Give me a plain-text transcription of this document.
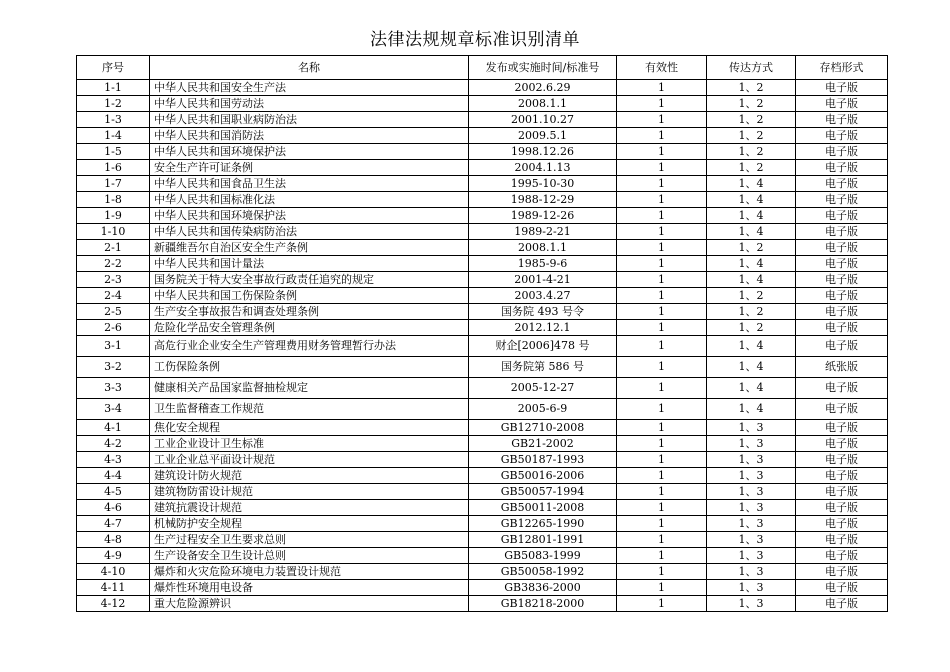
法律法规规章标准识别清单
序号	名称	发布或实施时间/标准号	有效性	传达方式	存档形式
1-1	中华人民共和国安全生产法	2002.6.29	1	1、2	电子版
1-2	中华人民共和国劳动法	2008.1.1	1	1、2	电子版
1-3	中华人民共和国职业病防治法	2001.10.27	1	1、2	电子版
1-4	中华人民共和国消防法	2009.5.1	1	1、2	电子版
1-5	中华人民共和国环境保护法	1998.12.26	1	1、2	电子版
1-6	安全生产许可证条例	2004.1.13	1	1、2	电子版
1-7	中华人民共和国食品卫生法	1995-10-30	1	1、4	电子版
1-8	中华人民共和国标准化法	1988-12-29	1	1、4	电子版
1-9	中华人民共和国环境保护法	1989-12-26	1	1、4	电子版
1-10	中华人民共和国传染病防治法	1989-2-21	1	1、4	电子版
2-1	新疆维吾尔自治区安全生产条例	2008.1.1	1	1、2	电子版
2-2	中华人民共和国计量法	1985-9-6	1	1、4	电子版
2-3	国务院关于特大安全事故行政责任追究的规定	2001-4-21	1	1、4	电子版
2-4	中华人民共和国工伤保险条例	2003.4.27	1	1、2	电子版
2-5	生产安全事故报告和调查处理条例	国务院 493 号令	1	1、2	电子版
2-6	危险化学品安全管理条例	2012.12.1	1	1、2	电子版
3-1	高危行业企业安全生产管理费用财务管理暂行办法	财企[2006]478 号	1	1、4	电子版
3-2	工伤保险条例	国务院第 586 号	1	1、4	纸张版
3-3	健康相关产品国家监督抽检规定	2005-12-27	1	1、4	电子版
3-4	卫生监督稽查工作规范	2005-6-9	1	1、4	电子版
4-1	焦化安全规程	GB12710-2008	1	1、3	电子版
4-2	工业企业设计卫生标准	GB21-2002	1	1、3	电子版
4-3	工业企业总平面设计规范	GB50187-1993	1	1、3	电子版
4-4	建筑设计防火规范	GB50016-2006	1	1、3	电子版
4-5	建筑物防雷设计规范	GB50057-1994	1	1、3	电子版
4-6	建筑抗震设计规范	GB50011-2008	1	1、3	电子版
4-7	机械防护安全规程	GB12265-1990	1	1、3	电子版
4-8	生产过程安全卫生要求总则	GB12801-1991	1	1、3	电子版
4-9	生产设备安全卫生设计总则	GB5083-1999	1	1、3	电子版
4-10	爆炸和火灾危险环境电力装置设计规范	GB50058-1992	1	1、3	电子版
4-11	爆炸性环境用电设备	GB3836-2000	1	1、3	电子版
4-12	重大危险源辨识	GB18218-2000	1	1、3	电子版
